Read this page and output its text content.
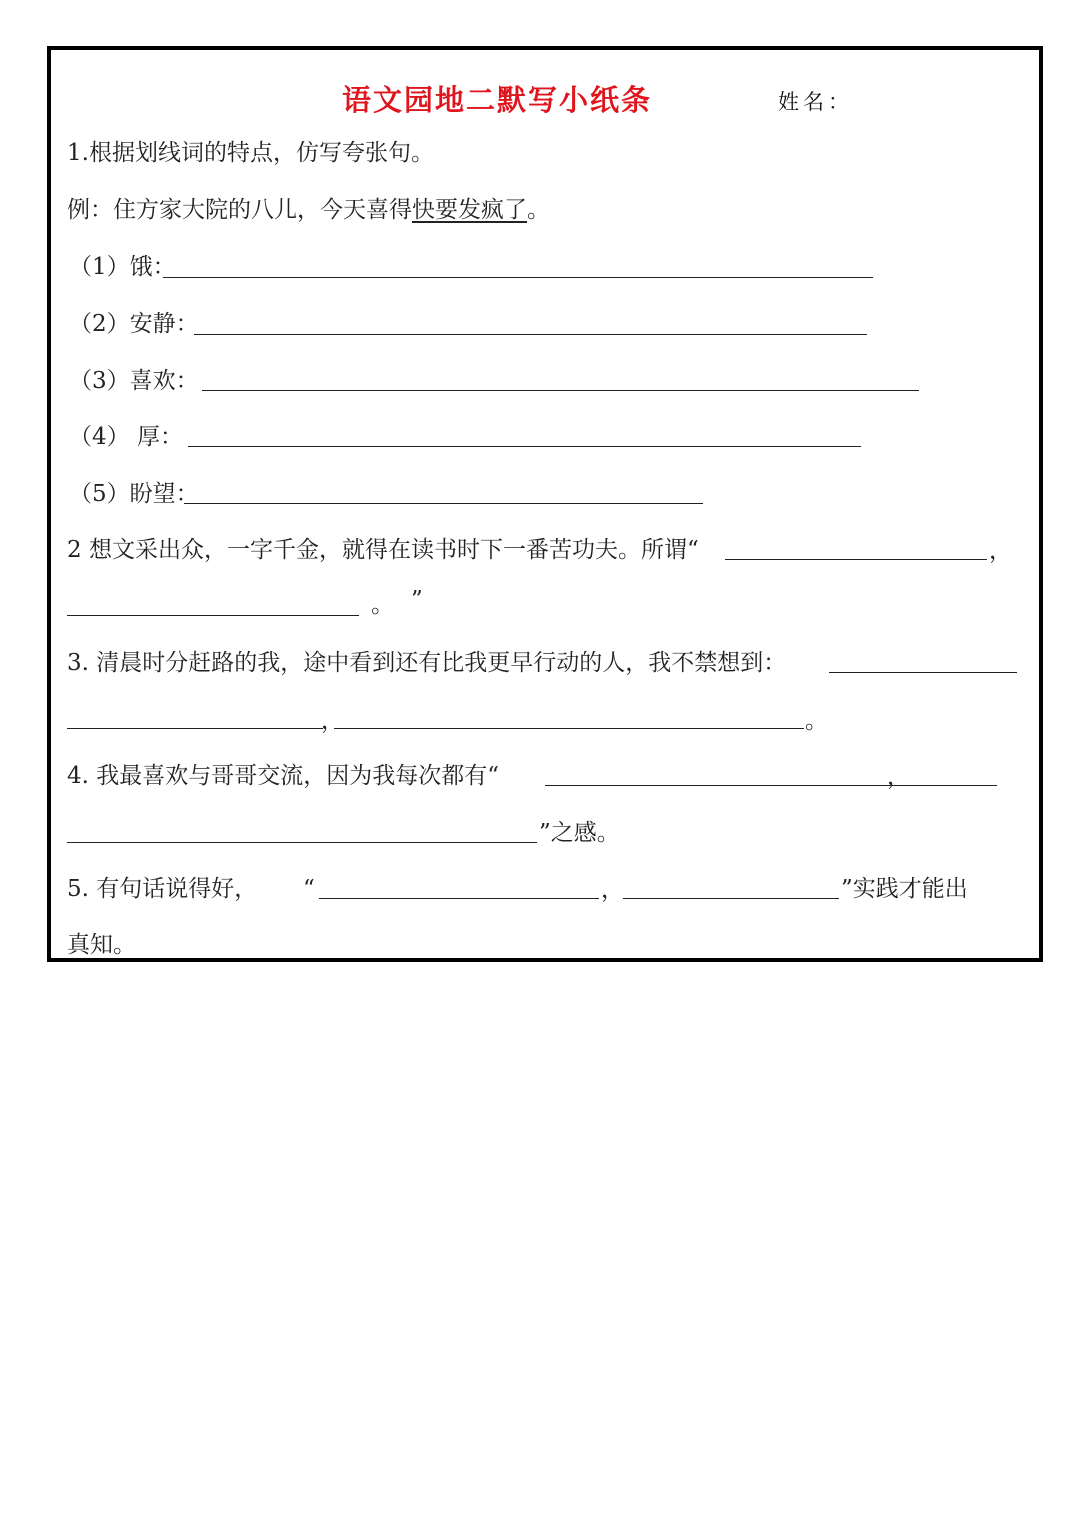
语文园地二默写小纸条	姓名：
1.根据划线词的特点，仿写夸张句。
例：住方家大院的八儿，今天喜得快要发疯了。
（1）饿：
（2）安静：
（3）喜欢：
（4） 厚：
（5）盼望：
2 想文采出众，一字千金，就得在读书时下一番苦功夫。所谓“	，
。 ”
3. 清晨时分赶路的我，途中看到还有比我更早行动的人，我不禁想到：
，	。
4. 我最喜欢与哥哥交流，因为我每次都有“	，
”之感。
5. 有句话说得好， “	，	”实践才能出
真知。
